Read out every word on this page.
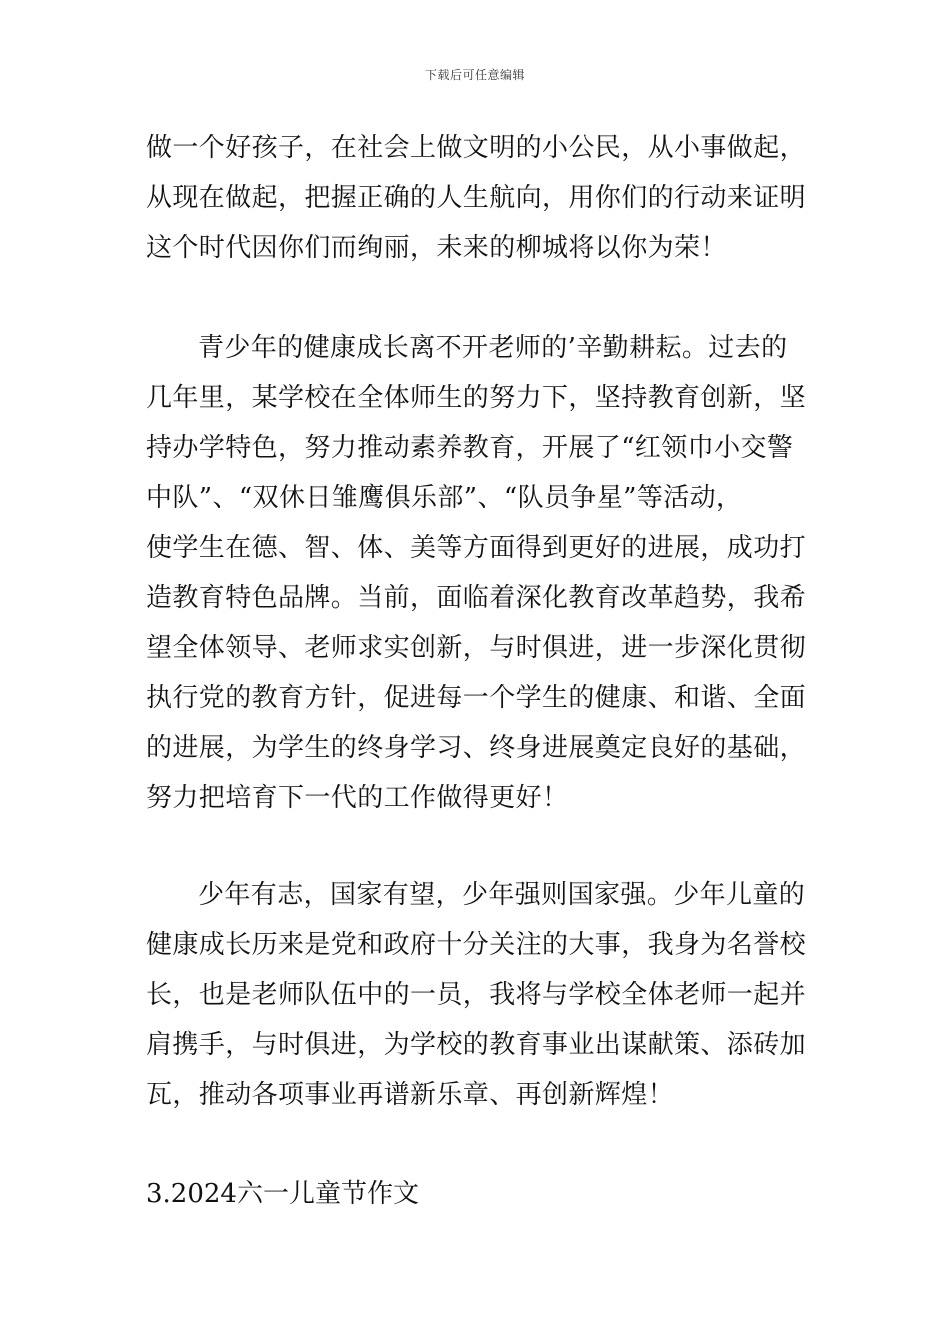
下载后可任意编辑
做一个好孩子，在社会上做文明的小公民，从小事做起，
从现在做起，把握正确的人生航向，用你们的行动来证明
这个时代因你们而绚丽，未来的柳城将以你为荣！
青少年的健康成长离不开老师的’辛勤耕耘。过去的
几年里，某学校在全体师生的努力下，坚持教育创新，坚
持办学特色，努力推动素养教育，开展了“红领巾小交警
中队”、“双休日雏鹰俱乐部”、“队员争星”等活动，
使学生在德、智、体、美等方面得到更好的进展，成功打
造教育特色品牌。当前，面临着深化教育改革趋势，我希
望全体领导、老师求实创新，与时俱进，进一步深化贯彻
执行党的教育方针，促进每一个学生的健康、和谐、全面
的进展，为学生的终身学习、终身进展奠定良好的基础，
努力把培育下一代的工作做得更好！
少年有志，国家有望，少年强则国家强。少年儿童的
健康成长历来是党和政府十分关注的大事，我身为名誉校
长，也是老师队伍中的一员，我将与学校全体老师一起并
肩携手，与时俱进，为学校的教育事业出谋献策、添砖加
瓦，推动各项事业再谱新乐章、再创新辉煌！
3.2024六一儿童节作文
